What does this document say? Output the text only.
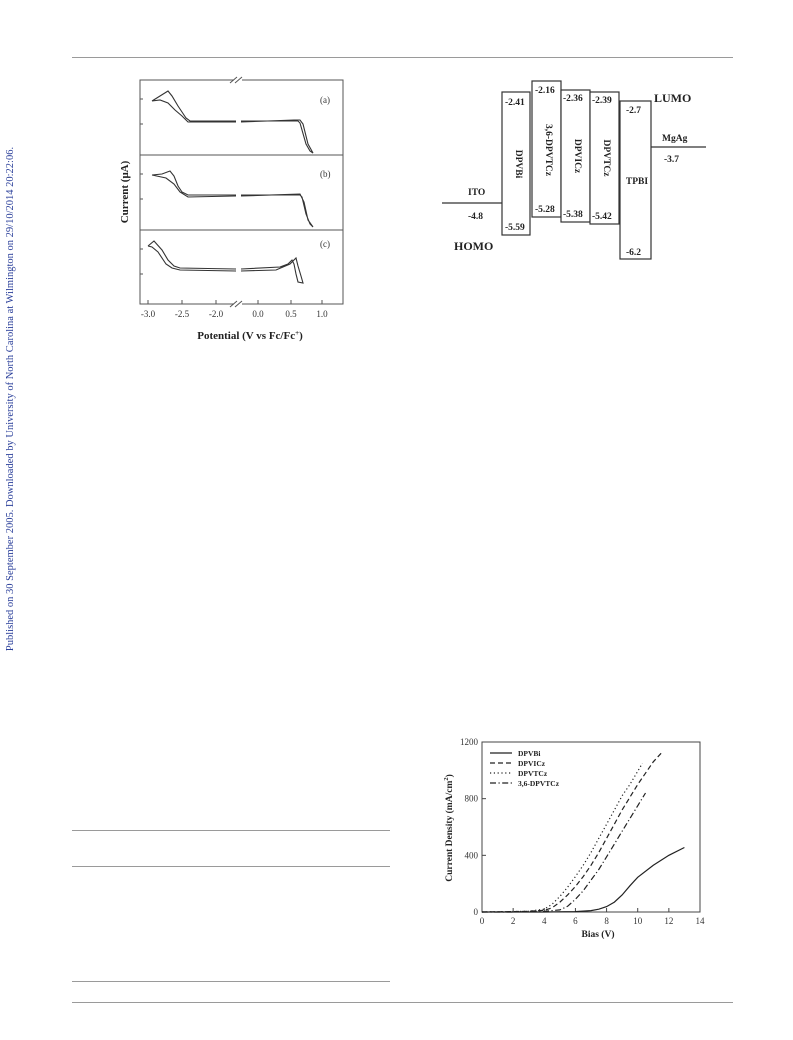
Published on 30 September 2005. Downloaded by University of North Carolina at Wilmington on 29/10/2014 20:22:06.
(a)
(b)
(c)
-3.0 -2.5 -2.0	0.0 0.5 1.0
Current (μA)
Potential (V vs Fc/Fc+)
LUMO
HOMO
ITO
-4.8
MgAg
-3.7
-2.41
-5.59
-2.16
-5.28
-2.36
-5.38
-2.39
-5.42
-2.7
-6.2
DPVBi 3,6-DPVTCz DPVICz DPVTCz
TPBI
0	2	4	6	8	10 12 14
0
400
800
1200
DPVBi
DPVICz
DPVTCz
3,6-DPVTCz
Bias (V)
Current Density $(mA/cm^2)$
